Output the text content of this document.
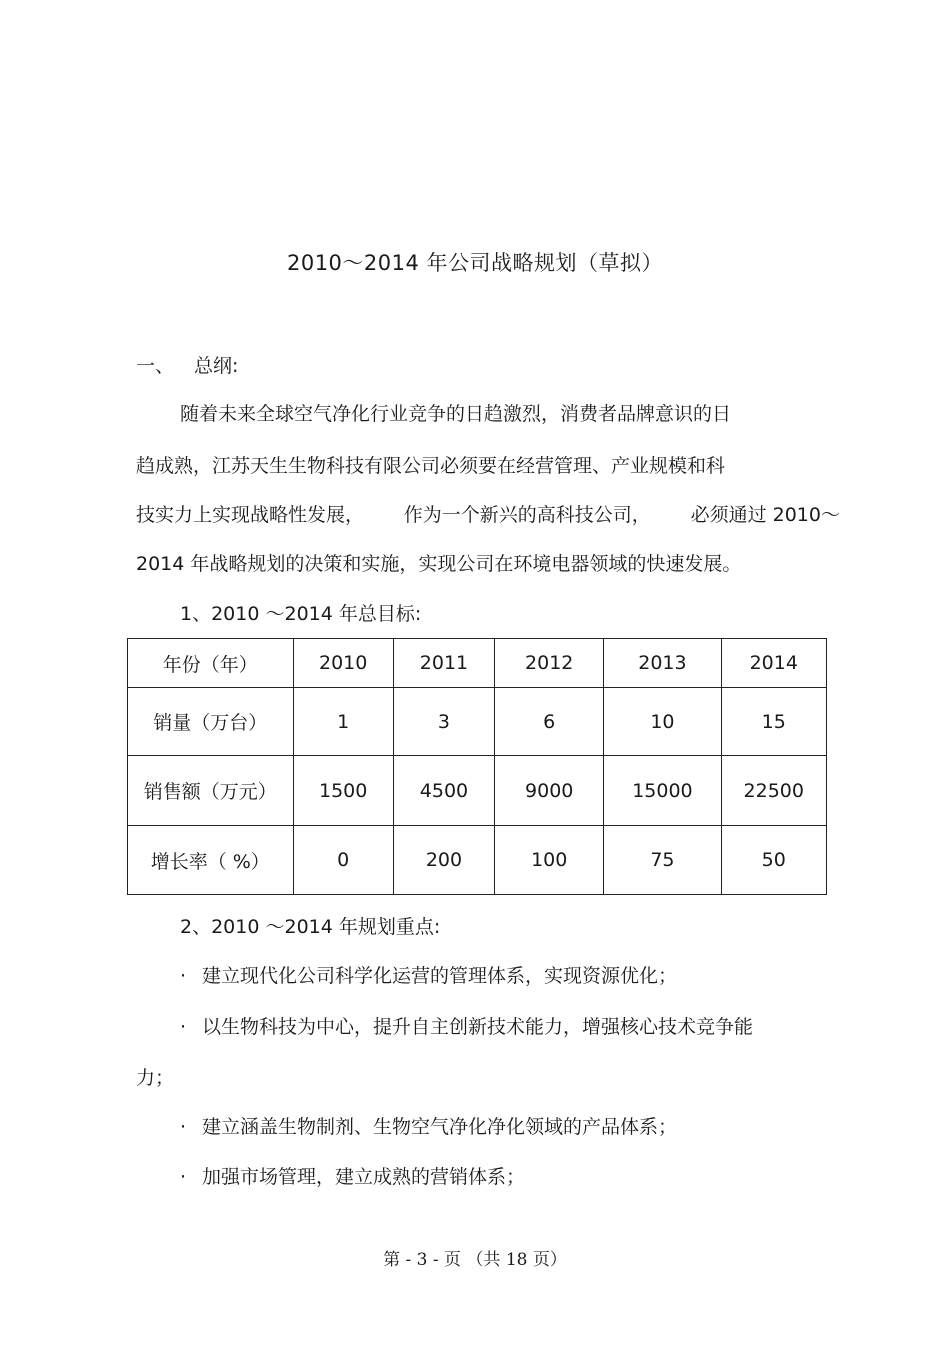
2010～2014 年公司战略规划（草拟）
一、 总纲:
随着未来全球空气净化行业竞争的日趋激烈，消费者品牌意识的日
趋成熟，江苏天生生物科技有限公司必须要在经营管理、产业规模和科
技实力上实现战略性发展， 作为一个新兴的高科技公司， 必须通过 2010～
2014 年战略规划的决策和实施，实现公司在环境电器领域的快速发展。
1、2010 ～2014 年总目标:
年份（年）	2010	2011	2012	2013	2014
销量（万台）	1	3	6	10	15
销售额（万元）	1500	4500	9000	15000	22500
增长率（ %）	0	200	100	75	50
2、2010 ～2014 年规划重点:
· 建立现代化公司科学化运营的管理体系，实现资源优化；
· 以生物科技为中心，提升自主创新技术能力，增强核心技术竞争能
力；
· 建立涵盖生物制剂、生物空气净化净化领域的产品体系；
· 加强市场管理，建立成熟的营销体系；
第 - 3 - 页 （共 18 页）
